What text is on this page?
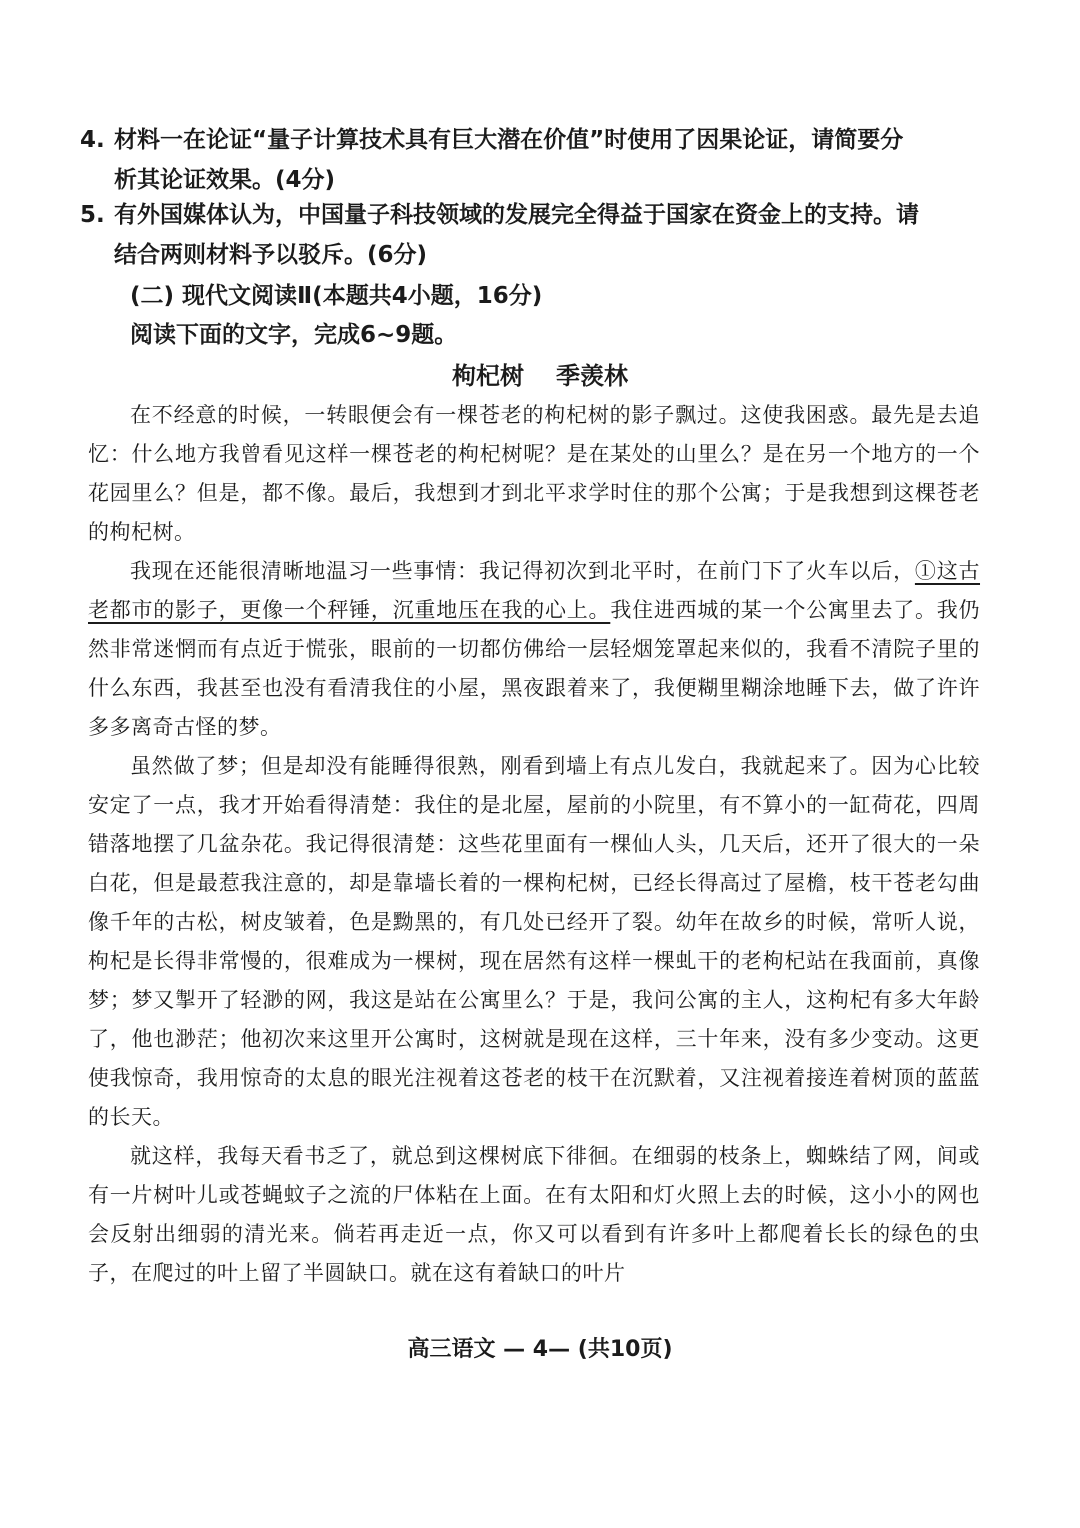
4. 材料一在论证“量子计算技术具有巨大潜在价值”时使用了因果论证，请简要分
析其论证效果。(4分)
5. 有外国媒体认为，中国量子科技领域的发展完全得益于国家在资金上的支持。请
结合两则材料予以驳斥。(6分)
(二) 现代文阅读Ⅱ(本题共4小题，16分)
阅读下面的文字，完成6~9题。
枸杞树 季羡林

在不经意的时候，一转眼便会有一棵苍老的枸杞树的影子飘过。这使我困惑。最先是去追忆：什么地方我曾看见这样一棵苍老的枸杞树呢？是在某处的山里么？是在另一个地方的一个花园里么？但是，都不像。最后，我想到才到北平求学时住的那个公寓；于是我想到这棵苍老的枸杞树。

我现在还能很清晰地温习一些事情：我记得初次到北平时，在前门下了火车以后，①这古老都市的影子，更像一个秤锤，沉重地压在我的心上。我住进西城的某一个公寓里去了。我仍然非常迷惘而有点近于慌张，眼前的一切都仿佛给一层轻烟笼罩起来似的，我看不清院子里的什么东西，我甚至也没有看清我住的小屋，黑夜跟着来了，我便糊里糊涂地睡下去，做了许许多多离奇古怪的梦。

虽然做了梦；但是却没有能睡得很熟，刚看到墙上有点儿发白，我就起来了。因为心比较安定了一点，我才开始看得清楚：我住的是北屋，屋前的小院里，有不算小的一缸荷花，四周错落地摆了几盆杂花。我记得很清楚：这些花里面有一棵仙人头，几天后，还开了很大的一朵白花，但是最惹我注意的，却是靠墙长着的一棵枸杞树，已经长得高过了屋檐，枝干苍老勾曲像千年的古松，树皮皱着，色是黝黑的，有几处已经开了裂。幼年在故乡的时候，常听人说，枸杞是长得非常慢的，很难成为一棵树，现在居然有这样一棵虬干的老枸杞站在我面前，真像梦；梦又掣开了轻渺的网，我这是站在公寓里么？于是，我问公寓的主人，这枸杞有多大年龄了，他也渺茫；他初次来这里开公寓时，这树就是现在这样，三十年来，没有多少变动。这更使我惊奇，我用惊奇的太息的眼光注视着这苍老的枝干在沉默着，又注视着接连着树顶的蓝蓝的长天。

就这样，我每天看书乏了，就总到这棵树底下徘徊。在细弱的枝条上，蜘蛛结了网，间或有一片树叶儿或苍蝇蚊子之流的尸体粘在上面。在有太阳和灯火照上去的时候，这小小的网也会反射出细弱的清光来。倘若再走近一点，你又可以看到有许多叶上都爬着长长的绿色的虫子，在爬过的叶上留了半圆缺口。就在这有着缺口的叶片

高三语文 — 4— (共10页)
